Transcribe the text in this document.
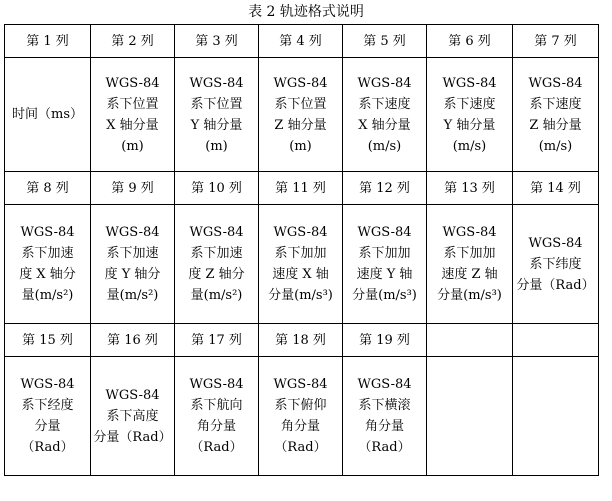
表 2 轨迹格式说明
第 1 列	第 2 列	第 3 列	第 4 列	第 5 列	第 6 列	第 7 列
时间（ms）	WGS-84
系下位置
X 轴分量
(m)	WGS-84
系下位置
Y 轴分量
(m)	WGS-84
系下位置
Z 轴分量
(m)	WGS-84
系下速度
X 轴分量
(m/s)	WGS-84
系下速度
Y 轴分量
(m/s)	WGS-84
系下速度
Z 轴分量
(m/s)
第 8 列	第 9 列	第 10 列	第 11 列	第 12 列	第 13 列	第 14 列
WGS-84
系下加速
度 X 轴分
量(m/s²)	WGS-84
系下加速
度 Y 轴分
量(m/s²)	WGS-84
系下加速
度 Z 轴分
量(m/s²)	WGS-84
系下加加
速度 X 轴
分量(m/s³)	WGS-84
系下加加
速度 Y 轴
分量(m/s³)	WGS-84
系下加加
速度 Z 轴
分量(m/s³)	WGS-84
系下纬度
分量（Rad）
第 15 列	第 16 列	第 17 列	第 18 列	第 19 列		
WGS-84
系下经度
分量
（Rad）	WGS-84
系下高度
分量（Rad）	WGS-84
系下航向
角分量
（Rad）	WGS-84
系下俯仰
角分量
（Rad）	WGS-84
系下横滚
角分量
（Rad）		
